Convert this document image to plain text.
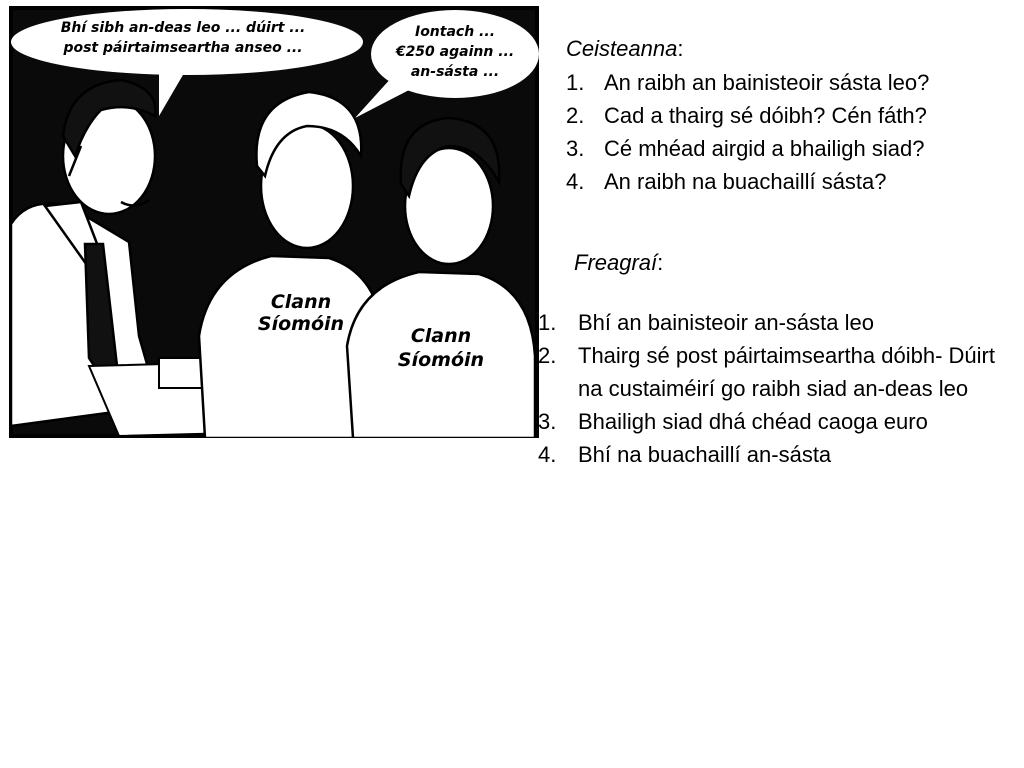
Bhí sibh an-deas leo ... dúirt ...
post páirtaimseartha anseo ...
Iontach ...
€250 againn ...
an-sásta ...
Clann
Síomóin
Clann
Síomóin
Ceisteanna:
1. An raibh an bainisteoir sásta leo?
2. Cad a thairg sé dóibh? Cén fáth?
3. Cé mhéad airgid a bhailigh siad?
4. An raibh na buachaillí sásta?
Freagraí:
1. Bhí an bainisteoir an-sásta leo
2. Thairg sé post páirtaimseartha dóibh- Dúirt na custaiméirí go raibh siad an-deas leo
3. Bhailigh siad dhá chéad caoga euro
4. Bhí na buachaillí an-sásta
